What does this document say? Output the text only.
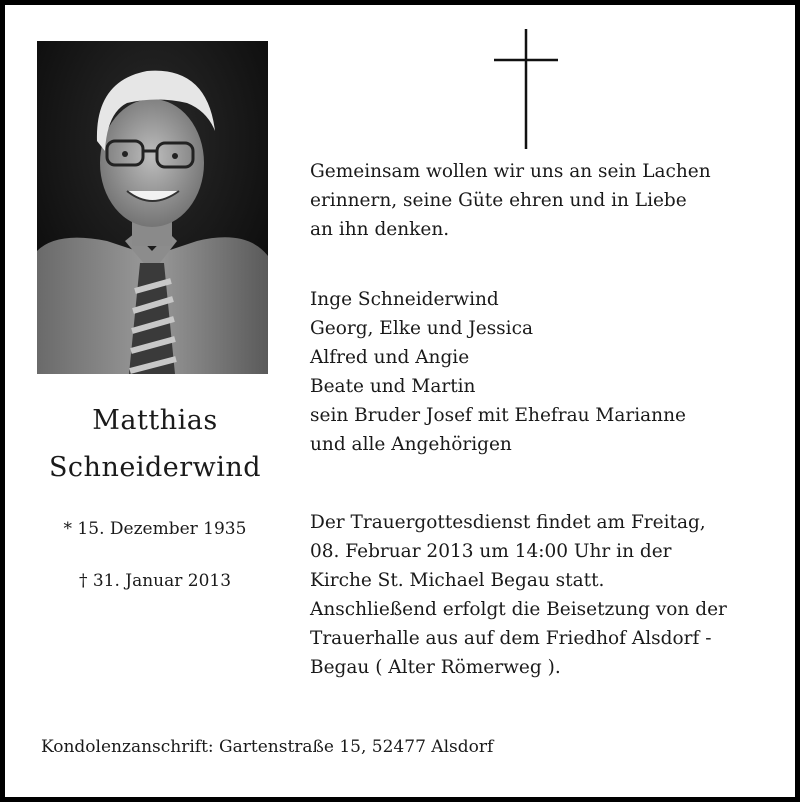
Matthias
Schneiderwind
* 15. Dezember 1935
† 31. Januar 2013
Gemeinsam wollen wir uns an sein Lachen
erinnern, seine Güte ehren und in Liebe
an ihn denken.
Inge Schneiderwind
Georg, Elke und Jessica
Alfred und Angie
Beate und Martin
sein Bruder Josef mit Ehefrau Marianne
und alle Angehörigen
Der Trauergottesdienst findet am Freitag,
08. Februar 2013 um 14:00 Uhr in der
Kirche St. Michael Begau statt.
Anschließend erfolgt die Beisetzung von der
Trauerhalle aus auf dem Friedhof Alsdorf -
Begau ( Alter Römerweg ).
Kondolenzanschrift: Gartenstraße 15, 52477 Alsdorf
